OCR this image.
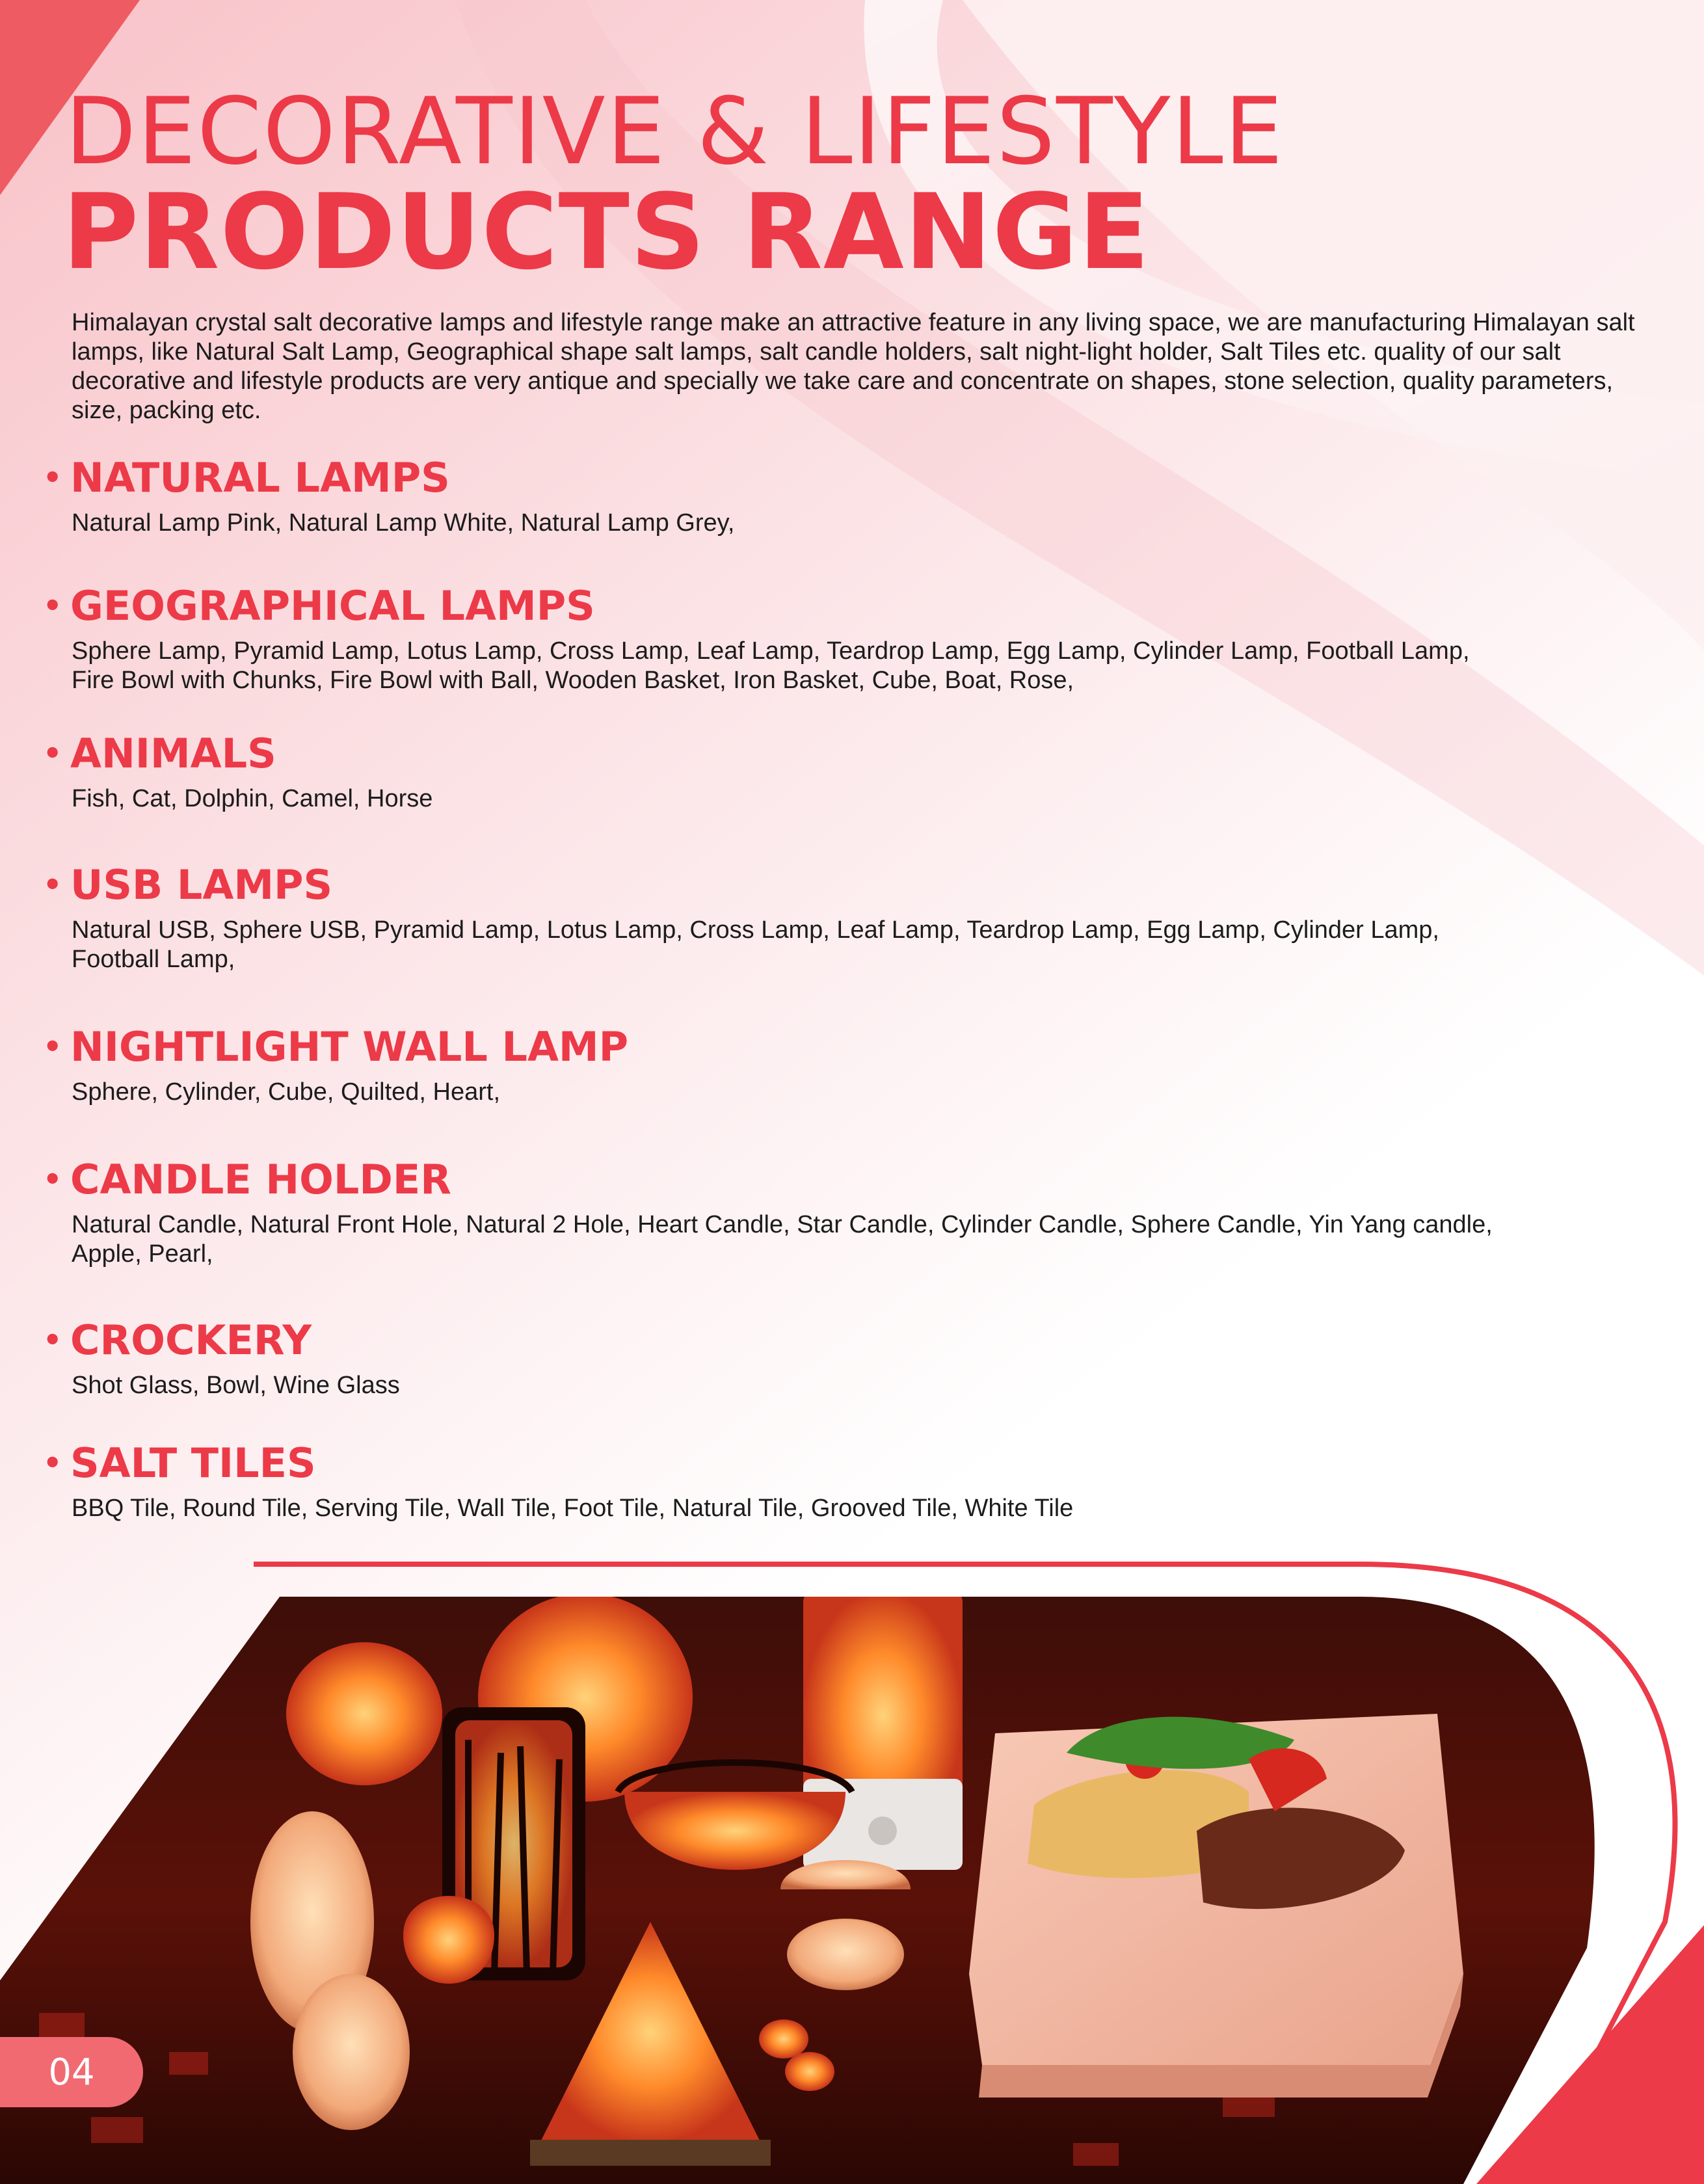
DECORATIVE & LIFESTYLE
PRODUCTS RANGE

Himalayan crystal salt decorative lamps and lifestyle range make an attractive feature in any living space, we are manufacturing Himalayan salt lamps, like Natural Salt Lamp, Geographical shape salt lamps, salt candle holders, salt night-light holder, Salt Tiles etc. quality of our salt decorative and lifestyle products are very antique and specially we take care and concentrate on shapes, stone selection, quality parameters, size, packing etc.

• NATURAL LAMPS
Natural Lamp Pink, Natural Lamp White, Natural Lamp Grey,
• GEOGRAPHICAL LAMPS
Sphere Lamp, Pyramid Lamp, Lotus Lamp, Cross Lamp, Leaf Lamp, Teardrop Lamp, Egg Lamp, Cylinder Lamp, Football Lamp,
Fire Bowl with Chunks, Fire Bowl with Ball, Wooden Basket, Iron Basket, Cube, Boat, Rose,
• ANIMALS
Fish, Cat, Dolphin, Camel, Horse
• USB LAMPS
Natural USB, Sphere USB, Pyramid Lamp, Lotus Lamp, Cross Lamp, Leaf Lamp, Teardrop Lamp, Egg Lamp, Cylinder Lamp,
Football Lamp,
• NIGHTLIGHT WALL LAMP
Sphere, Cylinder, Cube, Quilted, Heart,
• CANDLE HOLDER
Natural Candle, Natural Front Hole, Natural 2 Hole, Heart Candle, Star Candle, Cylinder Candle, Sphere Candle, Yin Yang candle,
Apple, Pearl,
• CROCKERY
Shot Glass, Bowl, Wine Glass
• SALT TILES
BBQ Tile, Round Tile, Serving Tile, Wall Tile, Foot Tile, Natural Tile, Grooved Tile, White Tile
04
